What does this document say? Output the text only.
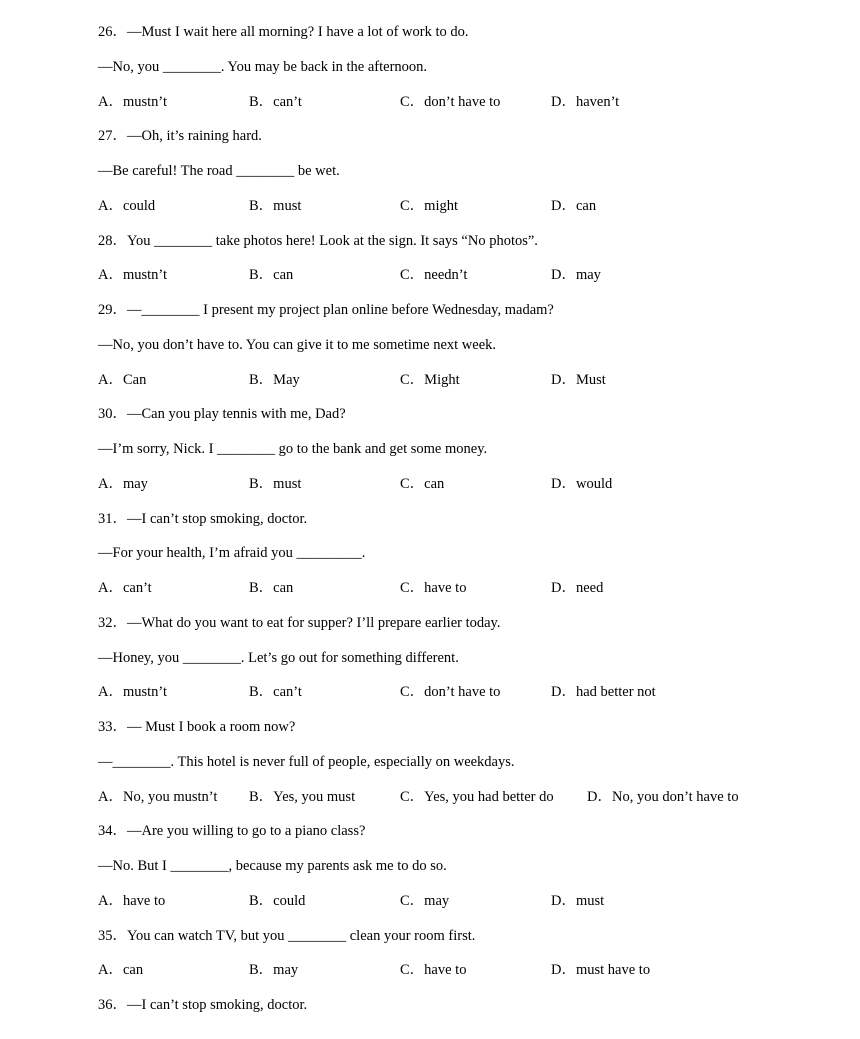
26．—Must I wait here all morning? I have a lot of work to do.
—No, you ________. You may be back in the afternoon.
A．mustn’t	B．can’t	C．don’t have to	D．haven’t
27．—Oh, it’s raining hard.
—Be careful! The road ________ be wet.
A．could	B．must	C．might	D．can
28．You ________ take photos here! Look at the sign. It says “No photos”.
A．mustn’t	B．can	C．needn’t	D．may
29．—________ I present my project plan online before Wednesday, madam?
—No, you don’t have to. You can give it to me sometime next week.
A．Can	B．May	C．Might	D．Must
30．—Can you play tennis with me, Dad?
—I’m sorry, Nick. I ________ go to the bank and get some money.
A．may	B．must	C．can	D．would
31．—I can’t stop smoking, doctor.
—For your health, I’m afraid you _________.
A．can’t	B．can	C．have to	D．need
32．—What do you want to eat for supper? I’ll prepare earlier today.
—Honey, you ________. Let’s go out for something different.
A．mustn’t	B．can’t	C．don’t have to	D．had better not
33．— Must I book a room now?
—________. This hotel is never full of people, especially on weekdays.
A．No, you mustn’t B．Yes, you must	C．Yes, you had better do D．No, you don’t have to
34．—Are you willing to go to a piano class?
—No. But I ________, because my parents ask me to do so.
A．have to	B．could	C．may	D．must
35．You can watch TV, but you ________ clean your room first.
A．can	B．may	C．have to	D．must have to
36．—I can’t stop smoking, doctor.
